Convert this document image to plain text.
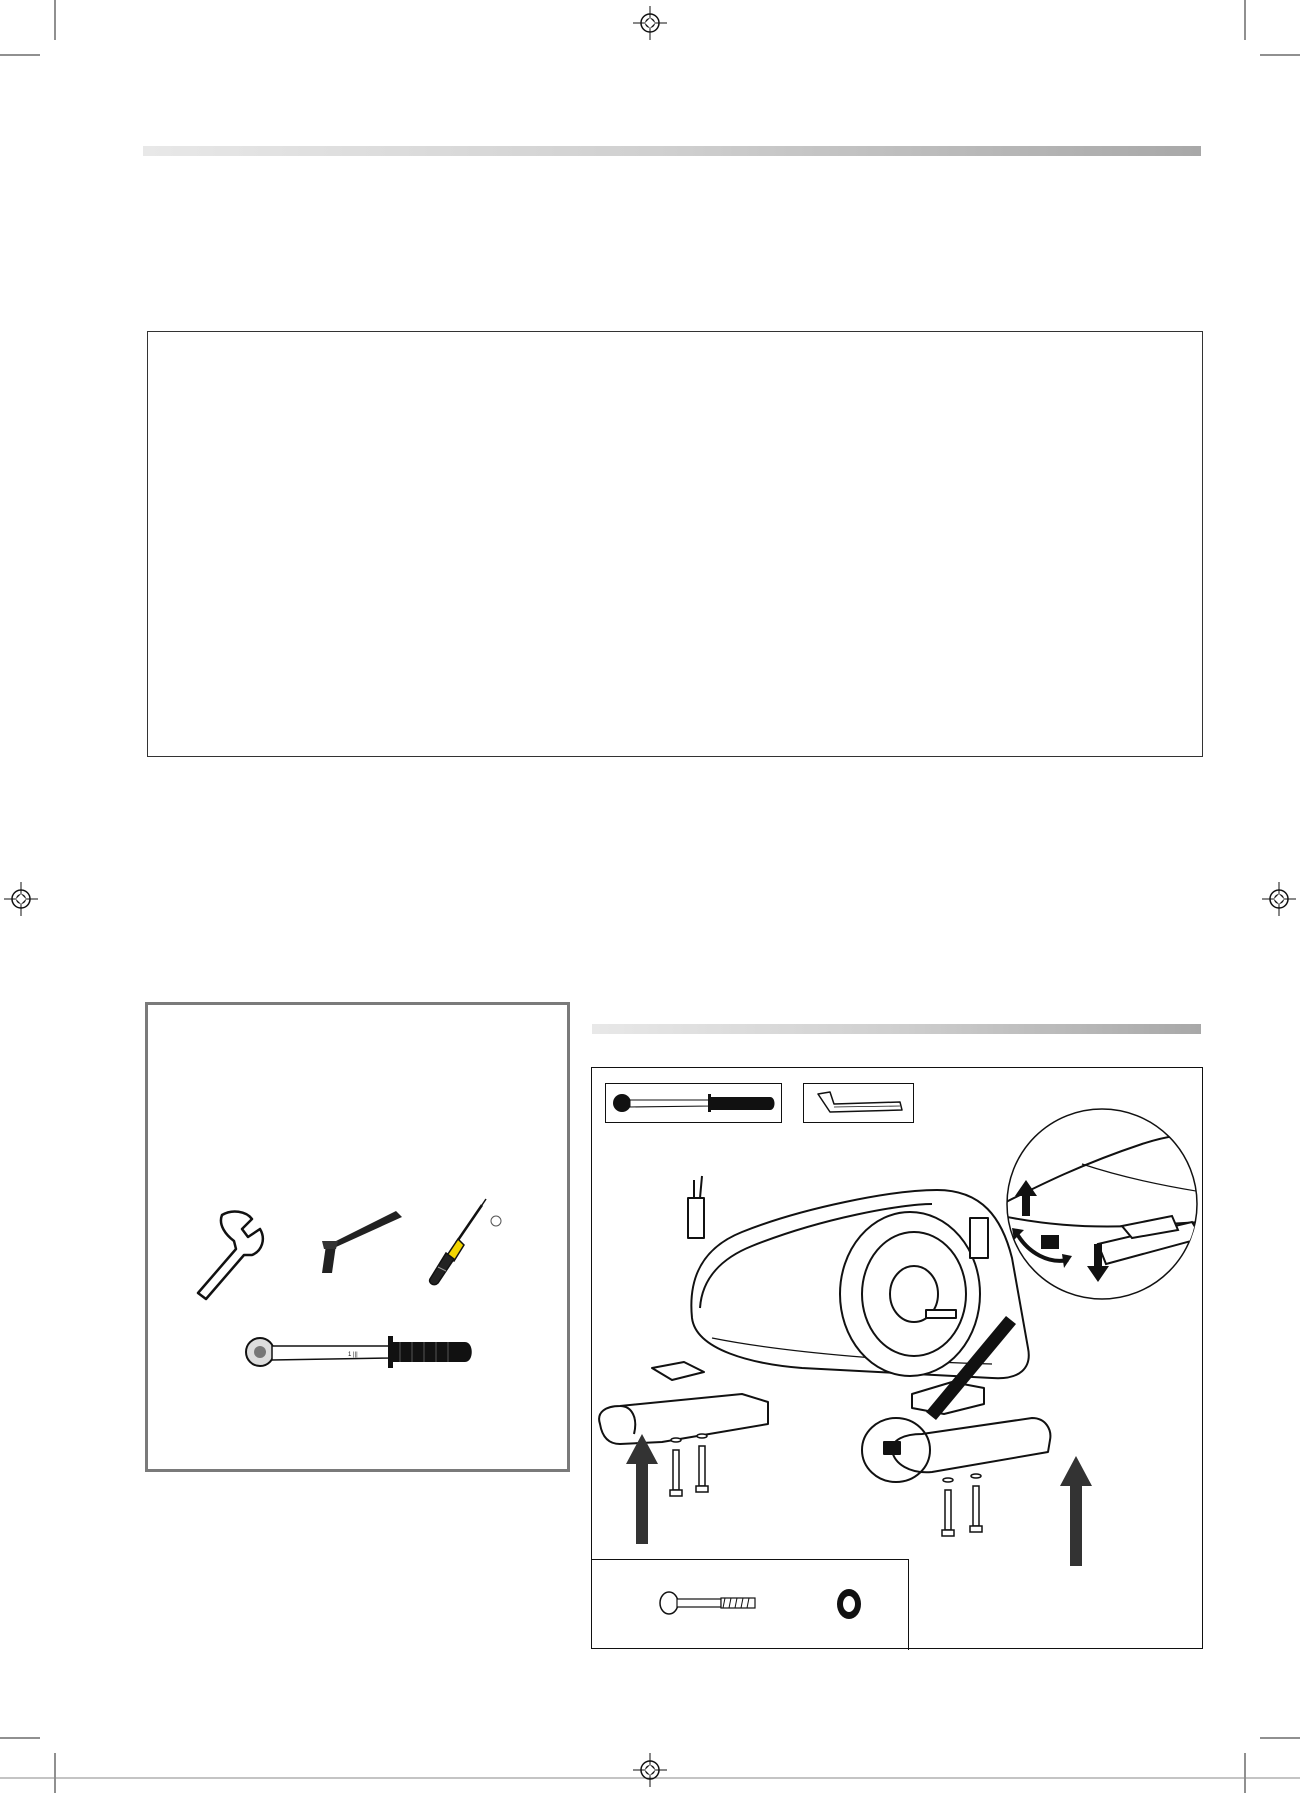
1 |||
